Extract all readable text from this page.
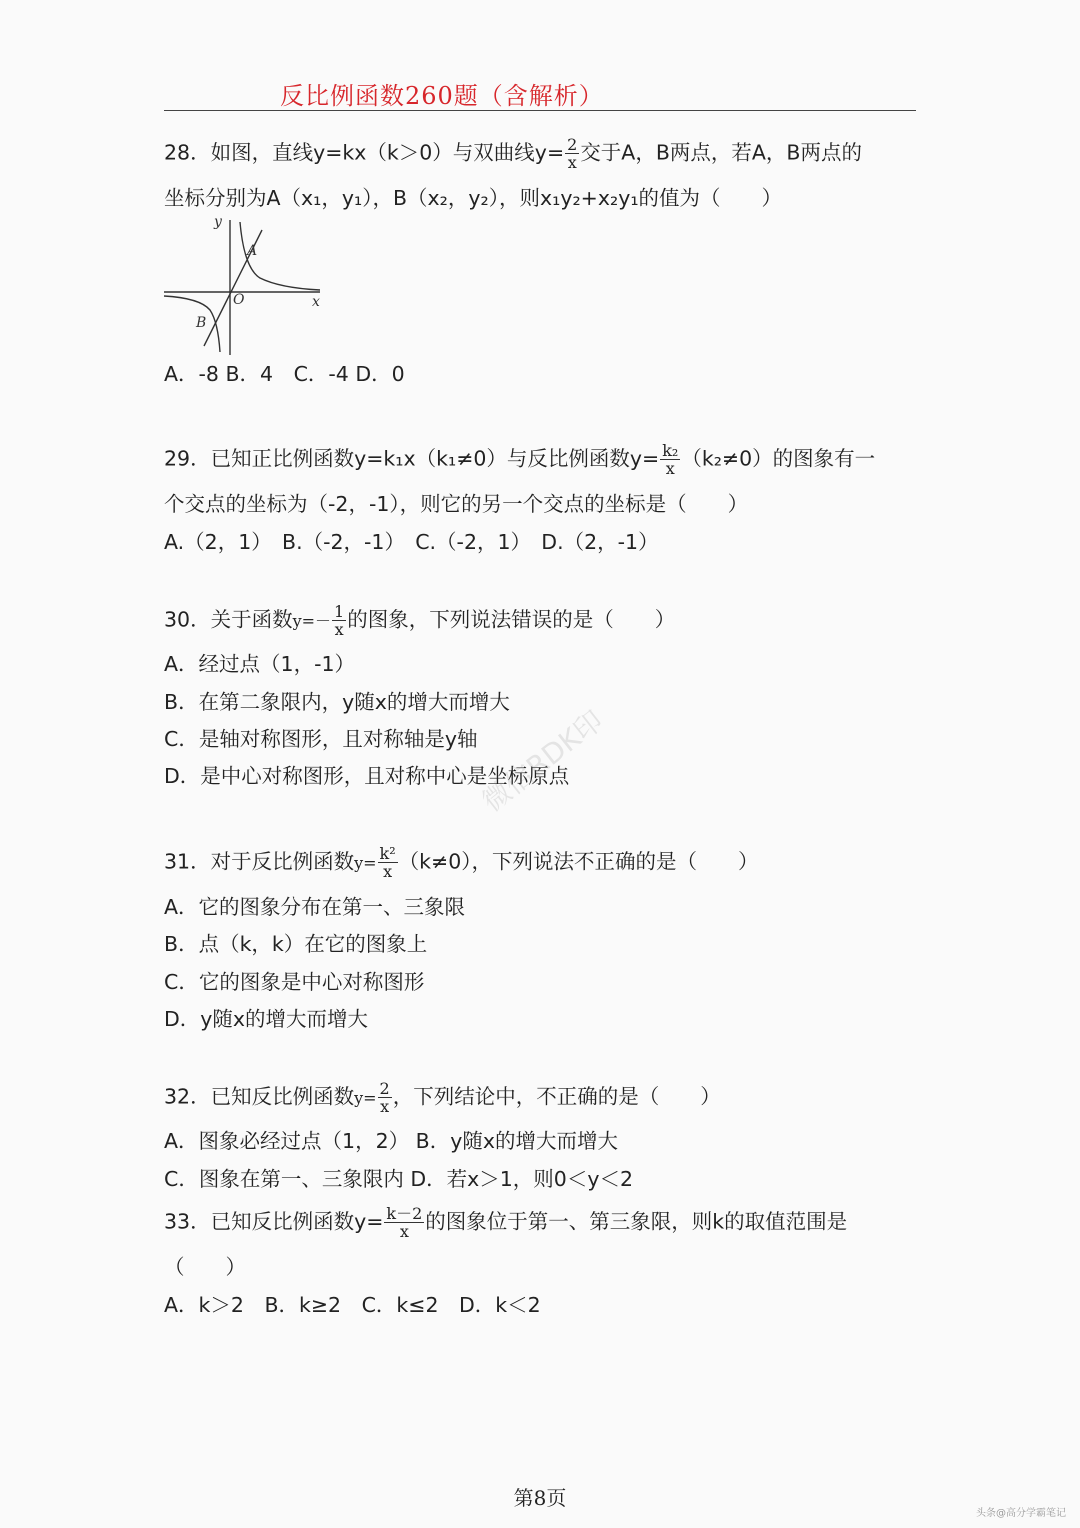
反比例函数260题（含解析）
28．如图，直线y=kx（k＞0）与双曲线$y= \frac{2}{x}$ 交于A，B两点，若A，B两点的
坐标分别为A（x₁，y₁），B（x₂，y₂），则x₁y₂+x₂y₁的值为（　　）
y
x
O
A
B
A．-8 B．4　C．-4 D．0
29．已知正比例函数y=k₁x（k₁≠0）与反比例函数$y= \frac{\text{k₂}}{x} (k_2\ne 0)$的图象有一
个交点的坐标为（-2，-1），则它的另一个交点的坐标是（　　）
A.（2，1）　B.（-2，-1）　C.（-2，1）　D.（2，-1）
30．关于函数$y=- \frac{1}{x}$ 的图象，下列说法错误的是（　　）
A．经过点（1，-1）
B．在第二象限内，y随x的增大而增大
C．是轴对称图形，且对称轴是y轴
D．是中心对称图形，且对称中心是坐标原点
微信RDK印
31．对于反比例函数$y= \frac{\text{k²}}{x} (k\ne 0)$，下列说法不正确的是（　　）
A．它的图象分布在第一、三象限
B．点（k，k）在它的图象上
C．它的图象是中心对称图形
D．y随x的增大而增大
32．已知反比例函数$y= \frac{2}{x}$ ，下列结论中，不正确的是（　　）
A．图象必经过点（1，2） B．y随x的增大而增大
C．图象在第一、三象限内 D．若x＞1，则0＜y＜2
33．已知反比例函数$y= \frac{k-2}{x}$ 的图象位于第一、第三象限，则k的取值范围是
（　　）
A．k＞2　B．k≥2　C．k≤2　D．k＜2
第8页
头条@高分学霸笔记
